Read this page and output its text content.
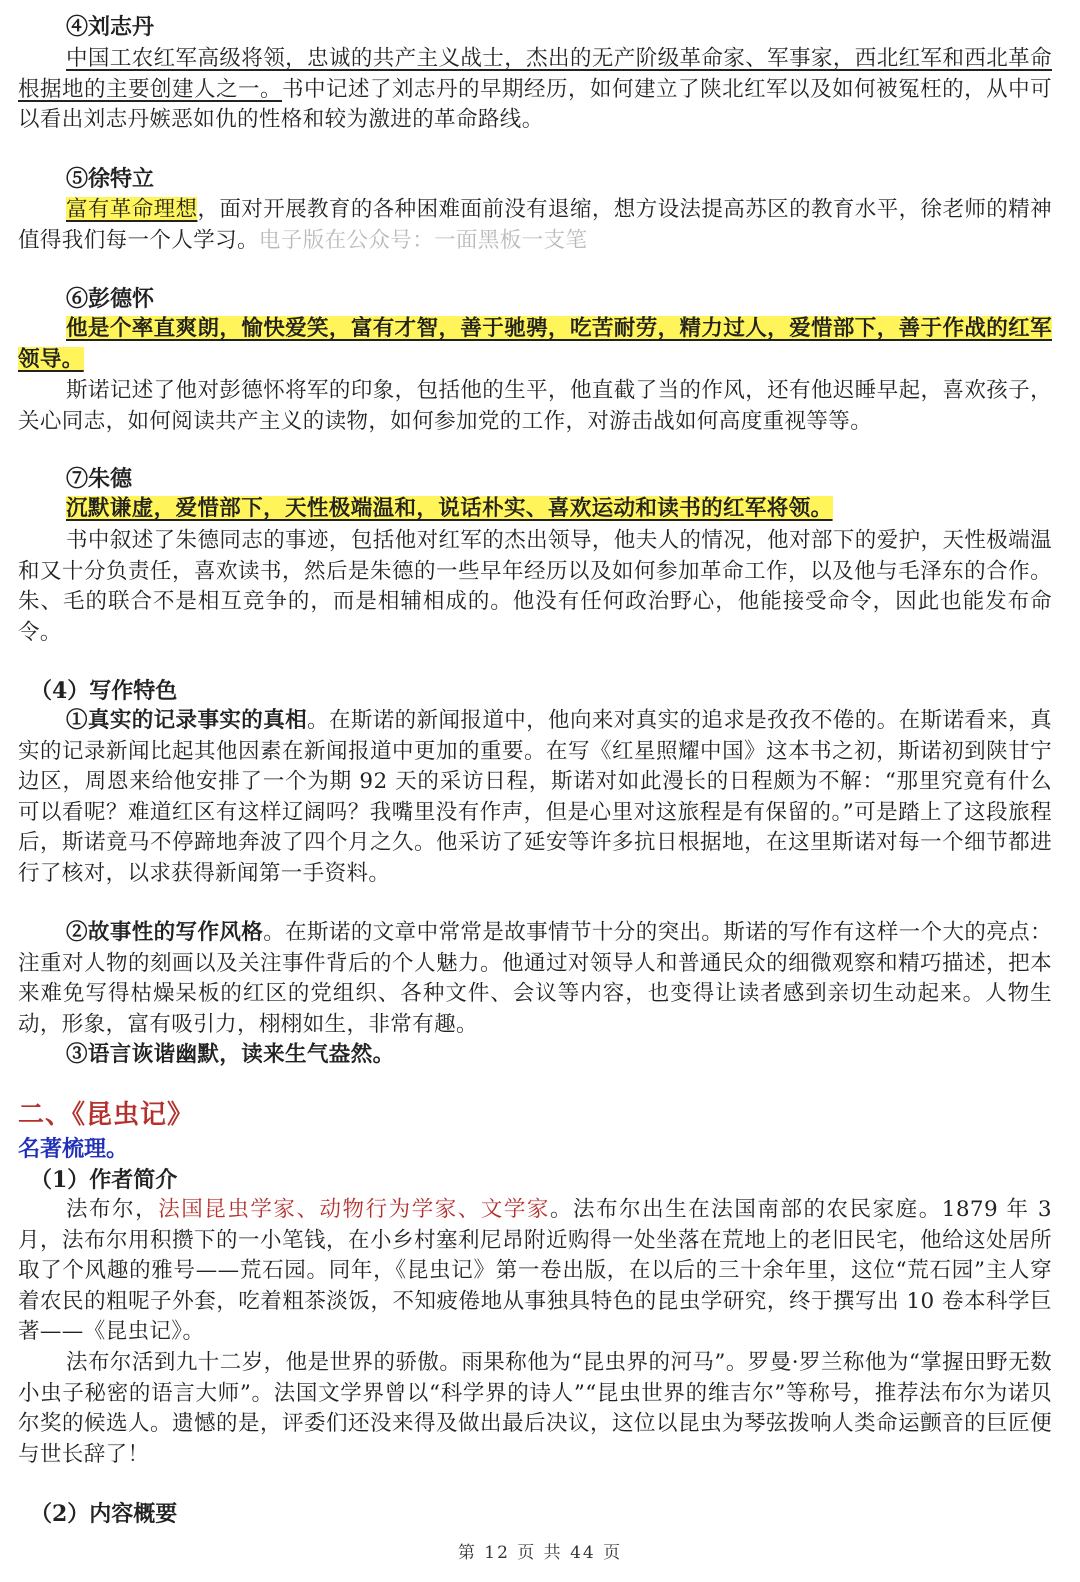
④刘志丹

中国工农红军高级将领，忠诚的共产主义战士，杰出的无产阶级革命家、军事家，西北红军和西北革命根据地的主要创建人之一。书中记述了刘志丹的早期经历，如何建立了陕北红军以及如何被冤枉的，从中可以看出刘志丹嫉恶如仇的性格和较为激进的革命路线。

⑤徐特立

富有革命理想，面对开展教育的各种困难面前没有退缩，想方设法提高苏区的教育水平，徐老师的精神值得我们每一个人学习。电子版在公众号：一面黑板一支笔

⑥彭德怀

他是个率直爽朗，愉快爱笑，富有才智，善于驰骋，吃苦耐劳，精力过人，爱惜部下，善于作战的红军领导。

斯诺记述了他对彭德怀将军的印象，包括他的生平，他直截了当的作风，还有他迟睡早起，喜欢孩子，关心同志，如何阅读共产主义的读物，如何参加党的工作，对游击战如何高度重视等等。

⑦朱德

沉默谦虚，爱惜部下，天性极端温和，说话朴实、喜欢运动和读书的红军将领。

书中叙述了朱德同志的事迹，包括他对红军的杰出领导，他夫人的情况，他对部下的爱护，天性极端温和又十分负责任，喜欢读书，然后是朱德的一些早年经历以及如何参加革命工作，以及他与毛泽东的合作。朱、毛的联合不是相互竞争的，而是相辅相成的。他没有任何政治野心，他能接受命令，因此也能发布命令。

（4）写作特色

①真实的记录事实的真相。在斯诺的新闻报道中，他向来对真实的追求是孜孜不倦的。在斯诺看来，真实的记录新闻比起其他因素在新闻报道中更加的重要。在写《红星照耀中国》这本书之初，斯诺初到陕甘宁边区，周恩来给他安排了一个为期 92 天的采访日程，斯诺对如此漫长的日程颇为不解：“那里究竟有什么可以看呢？难道红区有这样辽阔吗？我嘴里没有作声，但是心里对这旅程是有保留的。”可是踏上了这段旅程后，斯诺竟马不停蹄地奔波了四个月之久。他采访了延安等许多抗日根据地，在这里斯诺对每一个细节都进行了核对，以求获得新闻第一手资料。

②故事性的写作风格。在斯诺的文章中常常是故事情节十分的突出。斯诺的写作有这样一个大的亮点：注重对人物的刻画以及关注事件背后的个人魅力。他通过对领导人和普通民众的细微观察和精巧描述，把本来难免写得枯燥呆板的红区的党组织、各种文件、会议等内容，也变得让读者感到亲切生动起来。人物生动，形象，富有吸引力，栩栩如生，非常有趣。

③语言诙谐幽默，读来生气盎然。

二、《昆虫记》

名著梳理。

（1）作者简介

法布尔，法国昆虫学家、动物行为学家、文学家。法布尔出生在法国南部的农民家庭。1879 年 3 月，法布尔用积攒下的一小笔钱，在小乡村塞利尼昂附近购得一处坐落在荒地上的老旧民宅，他给这处居所取了个风趣的雅号——荒石园。同年，《昆虫记》第一卷出版，在以后的三十余年里，这位“荒石园”主人穿着农民的粗呢子外套，吃着粗茶淡饭，不知疲倦地从事独具特色的昆虫学研究，终于撰写出 10 卷本科学巨著——《昆虫记》。

法布尔活到九十二岁，他是世界的骄傲。雨果称他为“昆虫界的河马”。罗曼·罗兰称他为“掌握田野无数小虫子秘密的语言大师”。法国文学界曾以“科学界的诗人”“昆虫世界的维吉尔”等称号，推荐法布尔为诺贝尔奖的候选人。遗憾的是，评委们还没来得及做出最后决议，这位以昆虫为琴弦拨响人类命运颤音的巨匠便与世长辞了！

（2）内容概要

第 12 页 共 44 页
